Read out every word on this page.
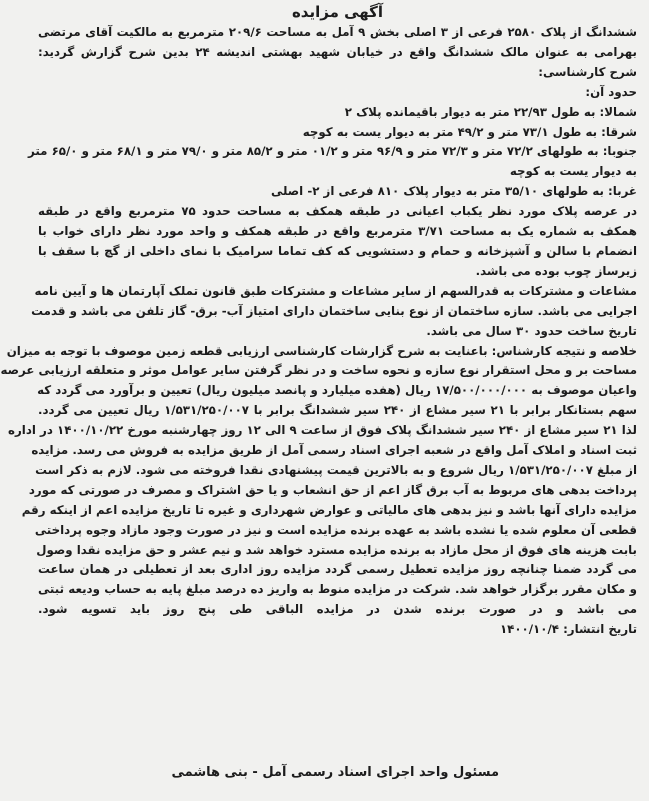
آگهی مزایده
ششدانگ از پلاک ۲۵۸۰ فرعی از ۳ اصلی بخش ۹ آمل به مساحت ۲۰۹/۶ مترمربع به مالکیت آقای مرتضی
بهرامی به عنوان مالک ششدانگ واقع در خیابان شهید بهشتی اندیشه ۲۴ بدین شرح گزارش گردید:
شرح کارشناسی:
حدود آن:
شمالا: به طول ۲۲/۹۳ متر به دیوار باقیمانده پلاک ۲
شرقا: به طول ۷۳/۱ متر و ۴۹/۲ متر به دیوار یست به کوچه
جنوبا: به طولهای ۷۲/۲ متر و ۷۲/۳ متر و ۹۶/۹ متر و ۰۱/۲ متر و ۸۵/۲ متر و ۷۹/۰ متر و ۶۸/۱ متر و ۶۵/۰ متر
به دیوار یست به کوچه
غربا: به طولهای ۳۵/۱۰ متر به دیوار پلاک ۸۱۰ فرعی از ۲- اصلی
در عرصه پلاک مورد نظر یکباب اعیانی در طبقه همکف به مساحت حدود ۷۵ مترمربع واقع در طبقه
همکف به شماره یک به مساحت ۳/۷۱ مترمربع واقع در طبقه همکف و واحد مورد نظر دارای خواب با
انضمام با سالن و آشپزخانه و حمام و دستشویی که کف تماما سرامیک با نمای داخلی از گچ با سقف با
زیرساز چوب بوده می باشد.
مشاعات و مشترکات به قدرالسهم از سایر مشاعات و مشترکات طبق قانون تملک آپارتمان ها و آیین نامه
اجرایی می باشد. سازه ساختمان از نوع بنایی ساختمان دارای امتیاز آب- برق- گاز تلفن می باشد و قدمت
تاریخ ساخت حدود ۳۰ سال می باشد.
خلاصه و نتیجه کارشناس: باعنایت به شرح گزارشات کارشناسی ارزیابی قطعه زمین موصوف با توجه به میزان
مساحت بر و محل استقرار نوع سازه و نحوه ساخت و در نظر گرفتن سایر عوامل موثر و متعلقه ارزیابی عرصه
واعیان موصوف به ۱۷/۵۰۰/۰۰۰/۰۰۰ ریال (هفده میلیارد و پانصد میلیون ریال) تعیین و برآورد می گردد که
سهم بستانکار برابر با ۲۱ سیر مشاع از ۲۴۰ سیر ششدانگ برابر با ۱/۵۳۱/۲۵۰/۰۰۷ ریال تعیین می گردد.
لذا ۲۱ سیر مشاع از ۲۴۰ سیر ششدانگ پلاک فوق از ساعت ۹ الی ۱۲ روز چهارشنبه مورخ ۱۴۰۰/۱۰/۲۲ در اداره
ثبت اسناد و املاک آمل واقع در شعبه اجرای اسناد رسمی آمل از طریق مزایده به فروش می رسد. مزایده
از مبلغ ۱/۵۳۱/۲۵۰/۰۰۷ ریال شروع و به بالاترین قیمت پیشنهادی نقدا فروخته می شود. لازم به ذکر است
پرداخت بدهی های مربوط به آب برق گاز اعم از حق انشعاب و یا حق اشتراک و مصرف در صورتی که مورد
مزایده دارای آنها باشد و نیز بدهی های مالیاتی و عوارض شهرداری و غیره تا تاریخ مزایده اعم از اینکه رقم
قطعی آن معلوم شده یا نشده باشد به عهده برنده مزایده است و نیز در صورت وجود مازاد وجوه پرداختی
بابت هزینه های فوق از محل مازاد به برنده مزایده مسترد خواهد شد و نیم عشر و حق مزایده نقدا وصول
می گردد ضمنا چنانچه روز مزایده تعطیل رسمی گردد مزایده روز اداری بعد از تعطیلی در همان ساعت
و مکان مقرر برگزار خواهد شد. شرکت در مزایده منوط به واریز ده درصد مبلغ پایه به حساب ودیعه ثبتی
می باشد و در صورت برنده شدن در مزایده الباقی طی پنج روز باید تسویه شود.
تاریخ انتشار: ۱۴۰۰/۱۰/۴
مسئول واحد اجرای اسناد رسمی آمل - بنی هاشمی
